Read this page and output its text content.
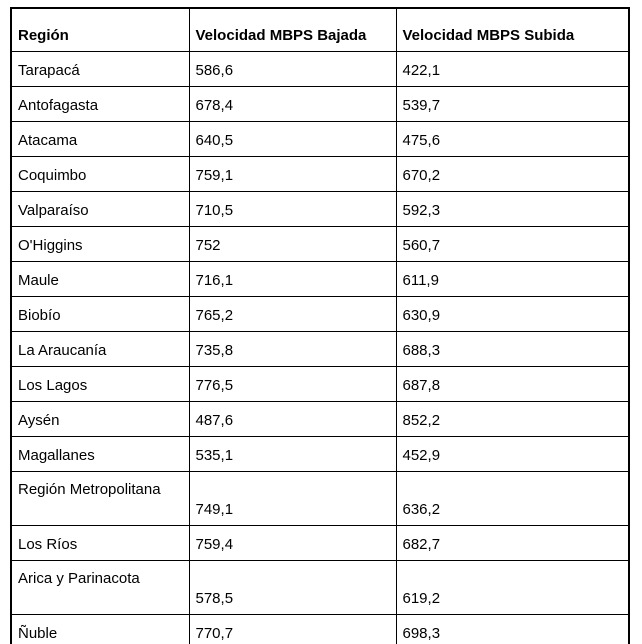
Región	Velocidad MBPS Bajada	Velocidad MBPS Subida
Tarapacá	586,6	422,1
Antofagasta	678,4	539,7
Atacama	640,5	475,6
Coquimbo	759,1	670,2
Valparaíso	710,5	592,3
O'Higgins	752	560,7
Maule	716,1	611,9
Biobío	765,2	630,9
La Araucanía	735,8	688,3
Los Lagos	776,5	687,8
Aysén	487,6	852,2
Magallanes	535,1	452,9
Región Metropolitana	749,1	636,2
Los Ríos	759,4	682,7
Arica y Parinacota	578,5	619,2
Ñuble	770,7	698,3
